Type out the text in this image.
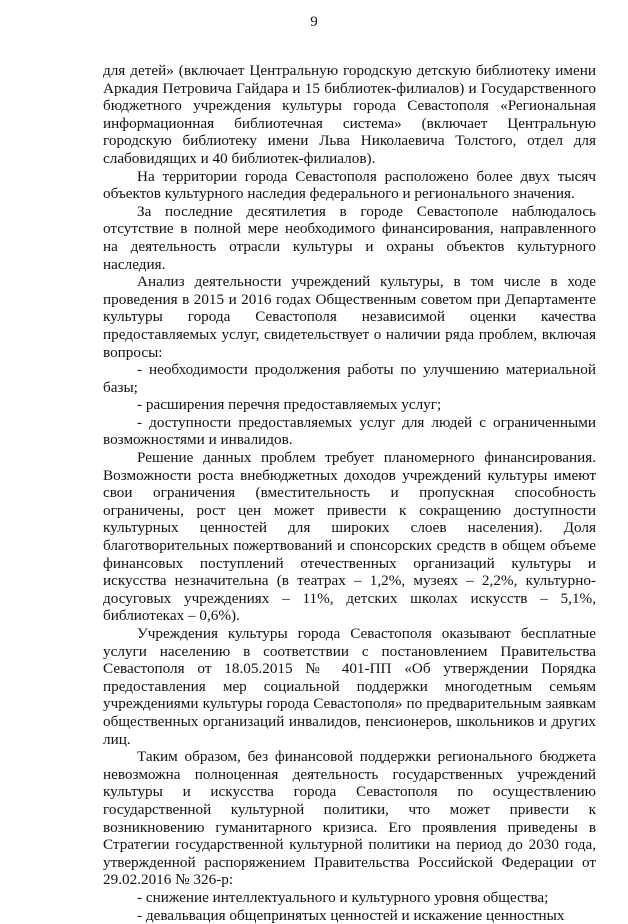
9

для детей» (включает Центральную городскую детскую библиотеку имени Аркадия Петровича Гайдара и 15 библиотек-филиалов) и Государственного бюджетного учреждения культуры города Севастополя «Региональная информационная библиотечная система» (включает Центральную городскую библиотеку имени Льва Николаевича Толстого, отдел для слабовидящих и 40 библиотек-филиалов).

На территории города Севастополя расположено более двух тысяч объектов культурного наследия федерального и регионального значения.

За последние десятилетия в городе Севастополе наблюдалось отсутствие в полной мере необходимого финансирования, направленного на деятельность отрасли культуры и охраны объектов культурного наследия.

Анализ деятельности учреждений культуры, в том числе в ходе проведения в 2015 и 2016 годах Общественным советом при Департаменте культуры города Севастополя независимой оценки качества предоставляемых услуг, свидетельствует о наличии ряда проблем, включая вопросы:

- необходимости продолжения работы по улучшению материальной базы;

- расширения перечня предоставляемых услуг;

- доступности предоставляемых услуг для людей с ограниченными возможностями и инвалидов.

Решение данных проблем требует планомерного финансирования. Возможности роста внебюджетных доходов учреждений культуры имеют свои ограничения (вместительность и пропускная способность ограничены, рост цен может привести к сокращению доступности культурных ценностей для широких слоев населения). Доля благотворительных пожертвований и спонсорских средств в общем объеме финансовых поступлений отечественных организаций культуры и искусства незначительна (в театрах – 1,2%, музеях – 2,2%, культурно-досуговых учреждениях – 11%, детских школах искусств – 5,1%, библиотеках – 0,6%).

Учреждения культуры города Севастополя оказывают бесплатные услуги населению в соответствии с постановлением Правительства Севастополя от 18.05.2015 № 401-ПП «Об утверждении Порядка предоставления мер социальной поддержки многодетным семьям учреждениями культуры города Севастополя» по предварительным заявкам общественных организаций инвалидов, пенсионеров, школьников и других лиц.

Таким образом, без финансовой поддержки регионального бюджета невозможна полноценная деятельность государственных учреждений культуры и искусства города Севастополя по осуществлению государственной культурной политики, что может привести к возникновению гуманитарного кризиса. Его проявления приведены в Стратегии государственной культурной политики на период до 2030 года, утвержденной распоряжением Правительства Российской Федерации от 29.02.2016 № 326-р:

- снижение интеллектуального и культурного уровня общества;

- девальвация общепринятых ценностей и искажение ценностных
